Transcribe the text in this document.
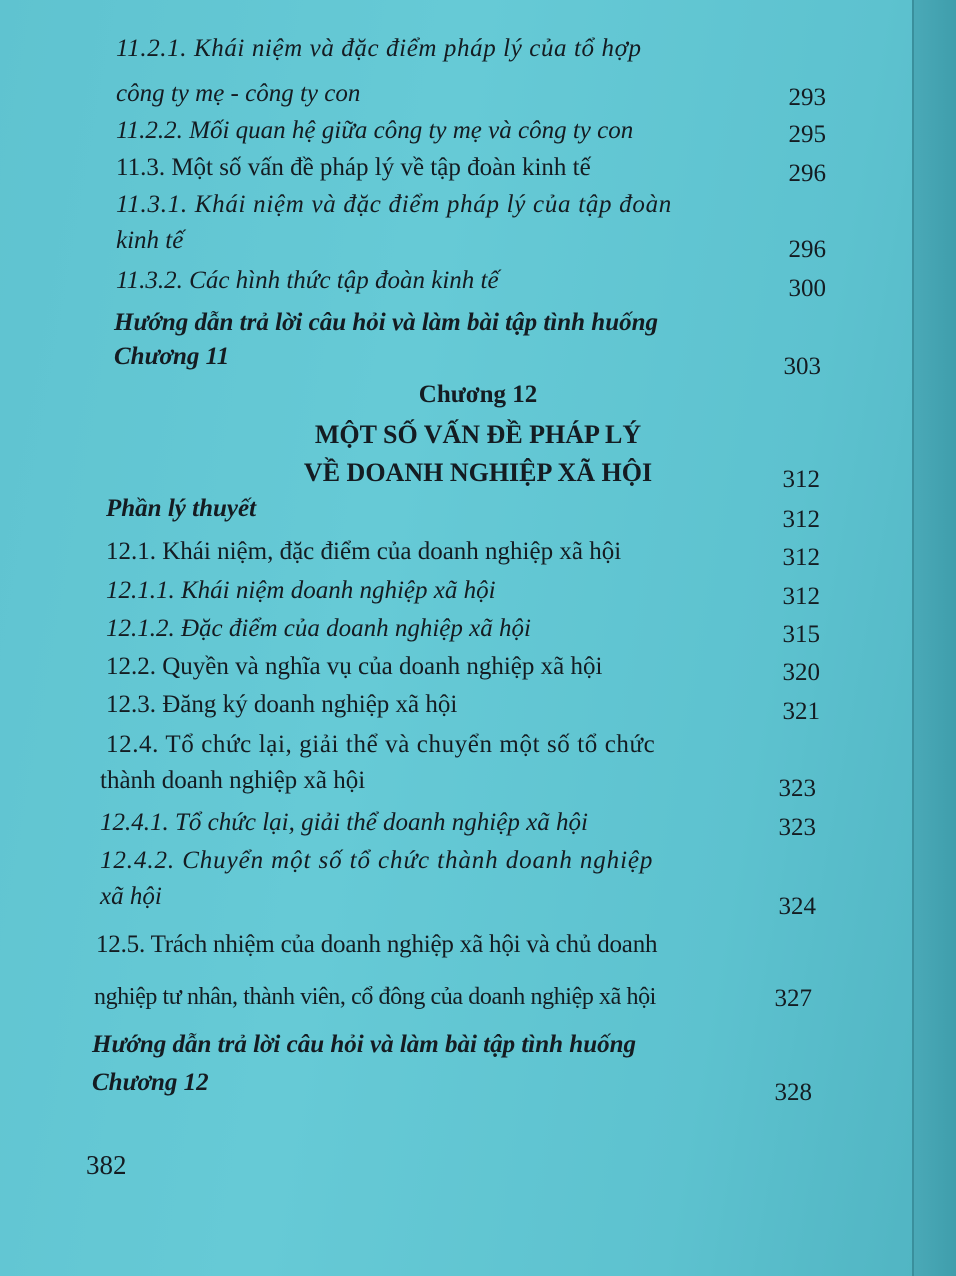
11.2.1. Khái niệm và đặc điểm pháp lý của tổ hợp
công ty mẹ - công ty con	293
11.2.2. Mối quan hệ giữa công ty mẹ và công ty con	295
11.3. Một số vấn đề pháp lý về tập đoàn kinh tế	296
11.3.1. Khái niệm và đặc điểm pháp lý của tập đoàn
kinh tế	296
11.3.2. Các hình thức tập đoàn kinh tế	300
Hướng dẫn trả lời câu hỏi và làm bài tập tình huống
Chương 11	303
Chương 12
MỘT SỐ VẤN ĐỀ PHÁP LÝ
VỀ DOANH NGHIỆP XÃ HỘI	312
Phần lý thuyết	312
12.1. Khái niệm, đặc điểm của doanh nghiệp xã hội	312
12.1.1. Khái niệm doanh nghiệp xã hội	312
12.1.2. Đặc điểm của doanh nghiệp xã hội	315
12.2. Quyền và nghĩa vụ của doanh nghiệp xã hội	320
12.3. Đăng ký doanh nghiệp xã hội	321
12.4. Tổ chức lại, giải thể và chuyển một số tổ chức
thành doanh nghiệp xã hội	323
12.4.1. Tổ chức lại, giải thể doanh nghiệp xã hội	323
12.4.2. Chuyển một số tổ chức thành doanh nghiệp
xã hội	324
12.5. Trách nhiệm của doanh nghiệp xã hội và chủ doanh
nghiệp tư nhân, thành viên, cổ đông của doanh nghiệp xã hội	327
Hướng dẫn trả lời câu hỏi và làm bài tập tình huống
Chương 12	328
382
